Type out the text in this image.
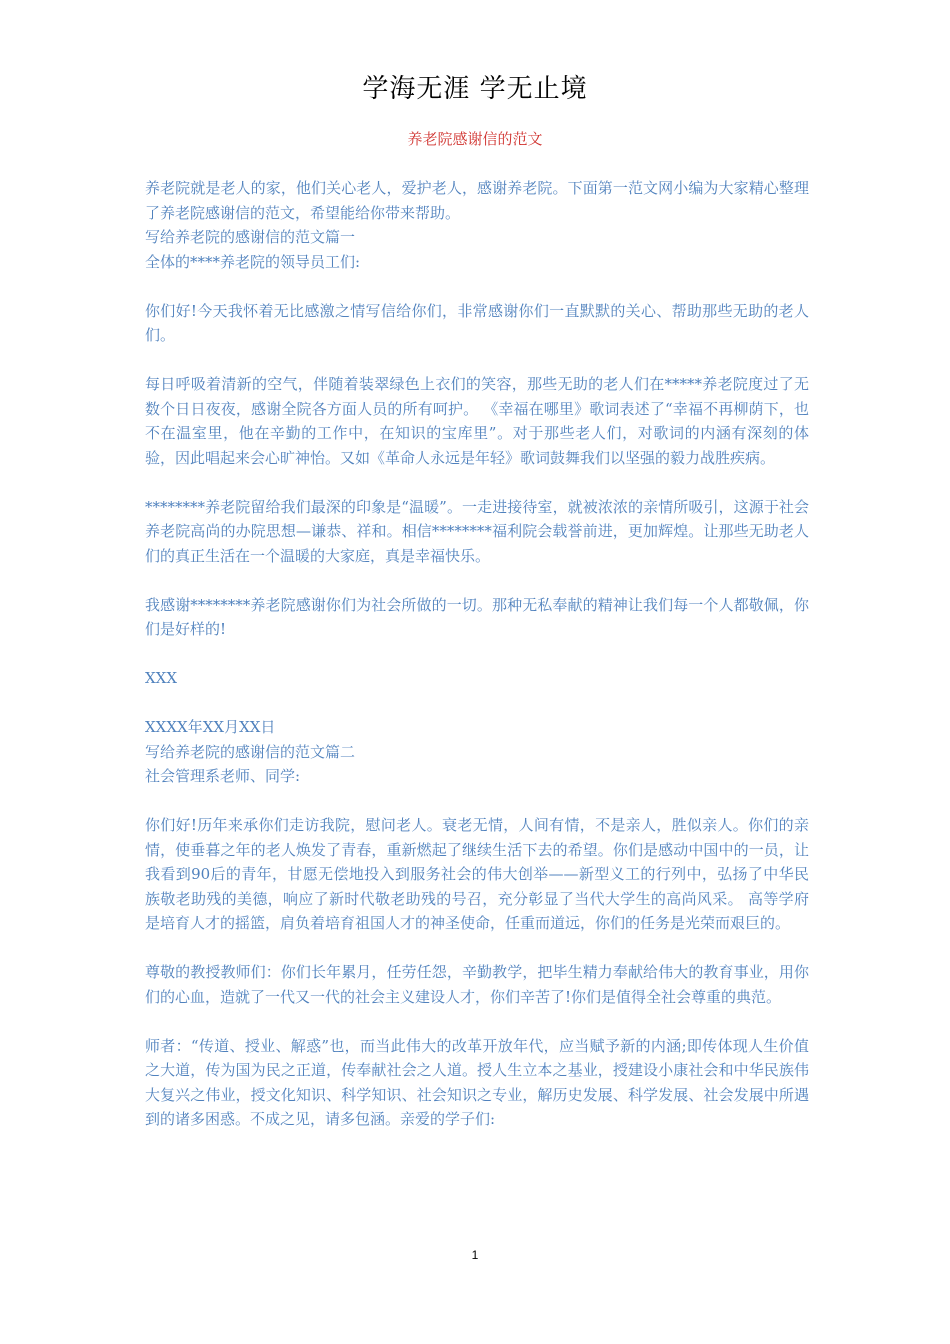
学海无涯 学无止境
养老院感谢信的范文

养老院就是老人的家，他们关心老人，爱护老人，感谢养老院。下面第一范文网小编为大家精心整理了养老院感谢信的范文，希望能给你带来帮助。

写给养老院的感谢信的范文篇一

全体的****养老院的领导员工们:

你们好!今天我怀着无比感激之情写信给你们，非常感谢你们一直默默的关心、帮助那些无助的老人们。

每日呼吸着清新的空气，伴随着装翠绿色上衣们的笑容，那些无助的老人们在*****养老院度过了无数个日日夜夜，感谢全院各方面人员的所有呵护。 《幸福在哪里》歌词表述了“幸福不再柳荫下，也不在温室里，他在辛勤的工作中，在知识的宝库里”。对于那些老人们，对歌词的内涵有深刻的体验，因此唱起来会心旷神怡。又如《革命人永远是年轻》歌词鼓舞我们以坚强的毅力战胜疾病。

********养老院留给我们最深的印象是“温暖”。一走进接待室，就被浓浓的亲情所吸引，这源于社会养老院高尚的办院思想—谦恭、祥和。相信********福利院会载誉前进，更加辉煌。让那些无助老人们的真正生活在一个温暖的大家庭，真是幸福快乐。

我感谢********养老院感谢你们为社会所做的一切。那种无私奉献的精神让我们每一个人都敬佩，你们是好样的!

XXX

XXXX年XX月XX日

写给养老院的感谢信的范文篇二

社会管理系老师、同学:

你们好!历年来承你们走访我院，慰问老人。衰老无情，人间有情，不是亲人，胜似亲人。你们的亲情，使垂暮之年的老人焕发了青春，重新燃起了继续生活下去的希望。你们是感动中国中的一员，让我看到90后的青年，甘愿无偿地投入到服务社会的伟大创举——新型义工的行列中，弘扬了中华民族敬老助残的美德，响应了新时代敬老助残的号召，充分彰显了当代大学生的高尚风采。 高等学府是培育人才的摇篮，肩负着培育祖国人才的神圣使命，任重而道远，你们的任务是光荣而艰巨的。

尊敬的教授教师们：你们长年累月，任劳任怨，辛勤教学，把毕生精力奉献给伟大的教育事业，用你们的心血，造就了一代又一代的社会主义建设人才，你们辛苦了!你们是值得全社会尊重的典范。

师者：“传道、授业、解惑”也，而当此伟大的改革开放年代，应当赋予新的内涵;即传体现人生价值之大道，传为国为民之正道，传奉献社会之人道。授人生立本之基业，授建设小康社会和中华民族伟大复兴之伟业，授文化知识、科学知识、社会知识之专业，解历史发展、科学发展、社会发展中所遇到的诸多困惑。不成之见，请多包涵。亲爱的学子们:

1
